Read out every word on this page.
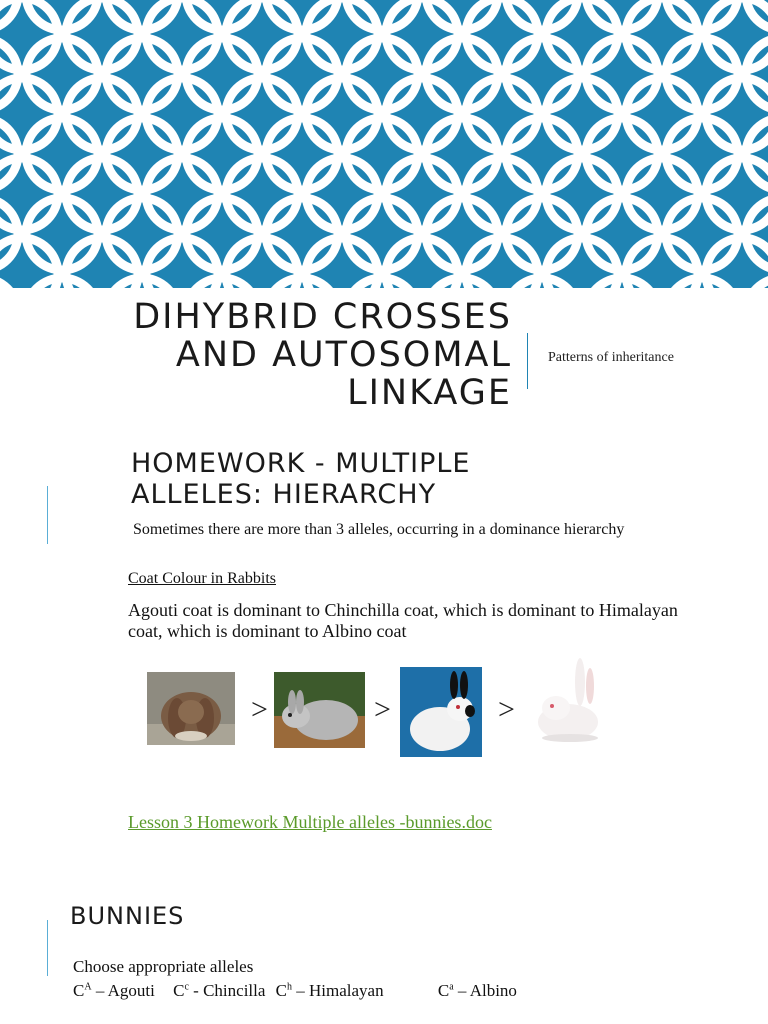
DIHYBRID CROSSES AND AUTOSOMAL LINKAGE
Patterns of inheritance
HOMEWORK - MULTIPLE ALLELES: HIERARCHY
Sometimes there are more than 3 alleles, occurring in a dominance hierarchy
Coat Colour in Rabbits
Agouti coat is dominant to Chinchilla coat, which is dominant to Himalayan coat, which is dominant to Albino coat
>	>	>
Lesson 3 Homework Multiple alleles -bunnies.doc
BUNNIES
Choose appropriate alleles
$C^A$ – Agouti $C^c$ - Chincilla $C^h$ – Himalayan	$C^a$ – Albino
